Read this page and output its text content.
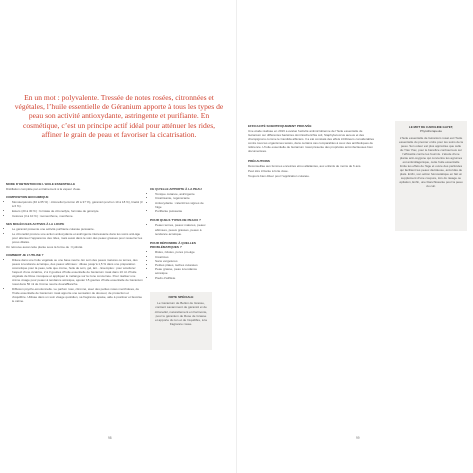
En un mot : polyvalente. Tressée de notes rosées, citronnées et végétales, l’huile essentielle de Géranium apporte à tous les types de peau son activité antioxydante, astringente et purifiante. En cosmétique, c’est un principe actif idéal pour atténuer les rides, affiner le grain de peau et favoriser la cicatrisation.
MODE D’OBTENTION DE L’HUILE ESSENTIELLE

Distillation complète par entraînement à la vapeur d’eau.

COMPOSITION BIOCHIMIQUE
• Monoterpénols (40 à 65 %) : citronellol (environ 20 à 37 %), géraniol (environ 10 à 18 %), linalol (3 à 6 %).
• Esters (20 à 30 %) : formiate de citronellyle, formiate de géranyle.
• Cétones (3 à 10 %) : isomenthone, menthone.
SES MOLÉCULES ACTIVES À LA LOUPE
• Le géraniol présente une activité purifiante cutanée puissante.
• Le citronellol procure une action antioxydante et astringente intéressante dans les soins anti-âge pour atténuer l’apparence des rides, mais aussi dans le soin des peaux grasses pour resserrer les pores dilatés.

On retrouve aussi cette plante sous la forme de : hydrolat.

COMMENT JE L’UTILISE ?
• Diluée dans une huile végétale ou une base neutre. En soin des peaux matures ou ternes, des peaux à tendance acnéique, des peaux abîmées : diluée jusqu’à 1,5 % dans une préparation cosmétique pour la peau, telle que crème, huile de soin, gel, lait… Exemples : pour améliorer l’aspect d’une cicatrice, 2 à 3 gouttes d’huile essentielle de Géranium rosat dans 10 ml d’huile végétale de Rose musquée et appliquer le mélange sur la zone concernée. Pour réaliser une crème visage pour peaux à tendance acnéique, ajouter 15 gouttes d’huile essentielle de Géranium rosat dans 50 ml de Crème neutre douceBlanche.
• Diffusion psycho-émotionnelle. Le parfum rosé, citronné, avec des petites notes mentholées, de l’huile essentielle de Géranium rosat apporte une sensation de douceur, de protection et d’équilibre. Utilisée dans un soin visage quotidien, sa fragrance apaise, aide à positiver et favorise le calme.
CE QU’ELLE APPORTE À LA PEAU
• Tonique cutanée, astringente
• Cicatrisante, régénérante
• Antioxydante : ralentit les signes de l’âge
• Purifiante puissante
POUR QUELS TYPES DE PEAUX ?
• Peaux ternes, peaux matures, peaux abîmées, peaux grasses, peaux à tendance acnéique.
POUR RÉPONDRE À QUELLES PROBLÉMATIQUES ?
• Rides, ridules, pores pro-âge
• Cicatrices
• Sans vergetures
• Petites plaies, taches cutanées
• Peau grasse, peau à tendance acnéique
• Pieds d’athlète
NOTE SPÉCIALE
Le Géranium de Bellon de Grasse, contient savamment de géraniol et de citronellol, naturellement en harmonie, pour le géranium de Rose de Grasse et apporte du ton et de l’équilibre, à la fragrance rosée.
98	99
EFFICACITÉ SCIENTIFIQUEMENT PROUVÉE

Une étude réalisée en 2016 a évalué l’activité antimicrobienne de l’huile essentielle de Géranium sur différentes bactéries dont Escherichia coli, Staphylococcus aureus et des champignons comme le Candida albicans. Il a été constaté des effets inhibiteurs considérables contre tous les organismes testés, dans certains cas comparables à ceux des antibiotiques de référence. L’huile essentielle de Géranium rosat présente des propriétés anti-infectieuses bien documentées.

PRÉCAUTIONS

Déconseillée aux femmes enceintes et/ou allaitantes, aux enfants de moins de 6 ans.

Peut être irritante à forte dose.

Toujours bien diluer pour l’application cutanée.

LE MOT DE CAROLINE GAYET,
Phytothérapeute
L’huile essentielle de Géranium rosat est l’huile essentielle du premier ordre pour les soins de la peau. Son odeur est plus appréciée que celle du Ylax Ylax, pour le bénéfice conbourreux sur l’efficacité contre les fourmis. L’étude d’une plante anti-oxygène qui concentre les agrumes est anticollagénique, cette huile essentielle limite les effets de l’âge et ouvre des particules qui facilitent les peaux décideuse, anti-ridés de plats. Enfin, son action hémostatique en fait un supplément d’une coupure, lors du rasage ou épilation, Enfin, une blanchissante pour la peau du cuir.
